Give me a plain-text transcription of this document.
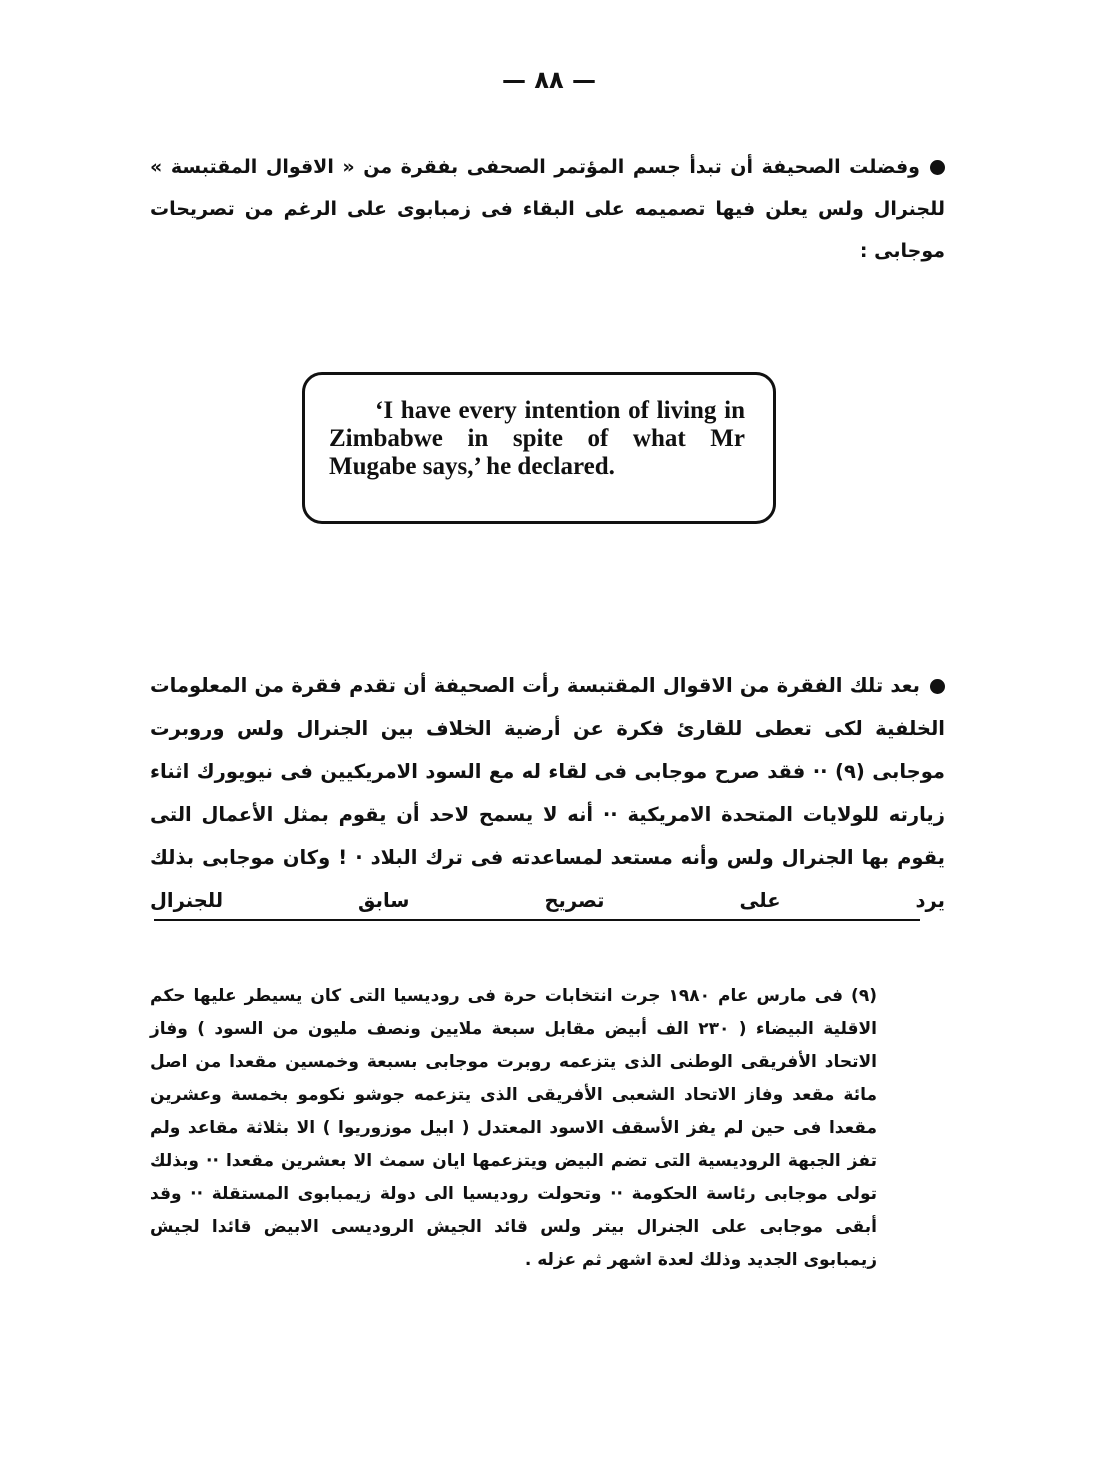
— ٨٨ —

وفضلت الصحيفة أن تبدأ جسم المؤتمر الصحفى بفقرة من « الاقوال المقتبسة » للجنرال ولس يعلن فيها تصميمه على البقاء فى زمبابوى على الرغم من تصريحات موجابى :

‘I have every intention of living in Zimbabwe in spite of what Mr Mugabe says,’ he declared.

بعد تلك الفقرة من الاقوال المقتبسة رأت الصحيفة أن تقدم فقرة من المعلومات الخلفية لكى تعطى للقارئ فكرة عن أرضية الخلاف بين الجنرال ولس وروبرت موجابى (٩) ·· فقد صرح موجابى فى لقاء له مع السود الامريكيين فى نيويورك اثناء زيارته للولايات المتحدة الامريكية ·· أنه لا يسمح لاحد أن يقوم بمثل الأعمال التى يقوم بها الجنرال ولس وأنه مستعد لمساعدته فى ترك البلاد · ! وكان موجابى بذلك يرد على تصريح سابق للجنرال

(٩) فى مارس عام ١٩٨٠ جرت انتخابات حرة فى روديسيا التى كان يسيطر عليها حكم الاقلية البيضاء ( ٢٣٠ الف أبيض مقابل سبعة ملايين ونصف مليون من السود ) وفاز الاتحاد الأفريقى الوطنى الذى يتزعمه روبرت موجابى بسبعة وخمسين مقعدا من اصل مائة مقعد وفاز الاتحاد الشعبى الأفريقى الذى يتزعمه جوشو نكومو بخمسة وعشرين مقعدا فى حين لم يفز الأسقف الاسود المعتدل ( ابيل موزوريوا ) الا بثلاثة مقاعد ولم تفز الجبهة الروديسية التى تضم البيض ويتزعمها ايان سمث الا بعشرين مقعدا ·· وبذلك تولى موجابى رئاسة الحكومة ·· وتحولت روديسيا الى دولة زيمبابوى المستقلة ·· وقد أبقى موجابى على الجنرال بيتر ولس قائد الجيش الروديسى الابيض قائدا لجيش زيمبابوى الجديد وذلك لعدة اشهر ثم عزله .
